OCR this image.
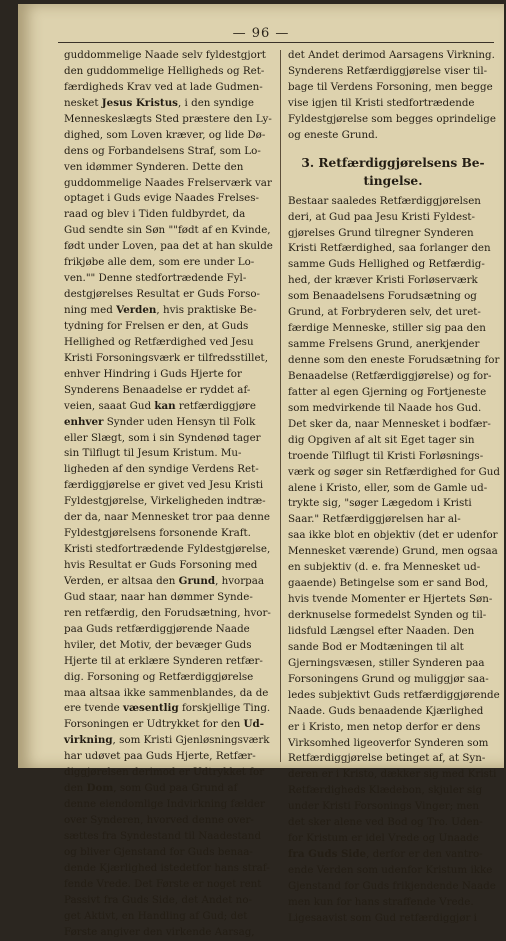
— 96 —
guddommelige Naade selv fyldestgjort
den guddommelige Helligheds og Ret-
færdigheds Krav ved at lade Gudmen-
nesket Jesus Kristus, i den syndige
Menneskeslægts Sted præstere den Ly-
dighed, som Loven kræver, og lide Dø-
dens og Forbandelsens Straf, som Lo-
ven idømmer Synderen. Dette den
guddommelige Naades Frelserværk var
optaget i Guds evige Naades Frelses-
raad og blev i Tiden fuldbyrdet, da
Gud sendte sin Søn ""født af en Kvinde,
født under Loven, paa det at han skulde
frikjøbe alle dem, som ere under Lo-
ven."" Denne stedfortrædende Fyl-
destgjørelses Resultat er Guds Forso-
ning med Verden, hvis praktiske Be-
tydning for Frelsen er den, at Guds
Hellighed og Retfærdighed ved Jesu
Kristi Forsoningsværk er tilfredsstillet,
enhver Hindring i Guds Hjerte for
Synderens Benaadelse er ryddet af-
veien, saaat Gud kan retfærdiggjøre
enhver Synder uden Hensyn til Folk
eller Slægt, som i sin Syndenød tager
sin Tilflugt til Jesum Kristum. Mu-
ligheden af den syndige Verdens Ret-
færdiggjørelse er givet ved Jesu Kristi
Fyldestgjørelse, Virkeligheden indtræ-
der da, naar Mennesket tror paa denne
Fyldestgjørelsens forsonende Kraft.
Kristi stedfortrædende Fyldestgjørelse,
hvis Resultat er Guds Forsoning med
Verden, er altsaa den Grund, hvorpaa
Gud staar, naar han dømmer Synde-
ren retfærdig, den Forudsætning, hvor-
paa Guds retfærdiggjørende Naade
hviler, det Motiv, der bevæger Guds
Hjerte til at erklære Synderen retfær-
dig. Forsoning og Retfærdiggjørelse
maa altsaa ikke sammenblandes, da de
ere tvende væsentlig forskjellige Ting.
Forsoningen er Udtrykket for den Ud-
virkning, som Kristi Gjenløsningsværk
har udøvet paa Guds Hjerte, Retfær-
diggjørelsen derimod er Udtrykket for
den Dom, som Gud paa Grund af
denne eiendomlige Indvirkning fælder
over Synderen, hvorved denne over-
sættes fra Syndestand til Naadestand
og bliver Gjenstand for Guds benaa-
dende Kjærlighed istedetfor hans straf-
fende Vrede. Det Første er noget rent
Passivt fra Guds Side, det Andet no-
get Aktivt, en Handling af Gud; det
Første angiver den virkende Aarsag,
det Andet derimod Aarsagens Virkning.
Synderens Retfærdiggjørelse viser til-
bage til Verdens Forsoning, men begge
vise igjen til Kristi stedfortrædende
Fyldestgjørelse som begges oprindelige
og eneste Grund.
3. Retfærdiggjørelsens Be-
tingelse.
Bestaar saaledes Retfærdiggjørelsen
deri, at Gud paa Jesu Kristi Fyldest-
gjørelses Grund tilregner Synderen
Kristi Retfærdighed, saa forlanger den
samme Guds Hellighed og Retfærdig-
hed, der kræver Kristi Forløserværk
som Benaadelsens Forudsætning og
Grund, at Forbryderen selv, det uret-
færdige Menneske, stiller sig paa den
samme Frelsens Grund, anerkjender
denne som den eneste Forudsætning for
Benaadelse (Retfærdiggjørelse) og for-
fatter al egen Gjerning og Fortjeneste
som medvirkende til Naade hos Gud.
Det sker da, naar Mennesket i bodfær-
dig Opgiven af alt sit Eget tager sin
troende Tilflugt til Kristi Forløsnings-
værk og søger sin Retfærdighed for Gud
alene i Kristo, eller, som de Gamle ud-
trykte sig, "søger Lægedom i Kristi
Saar." Retfærdiggjørelsen har al-
saa ikke blot en objektiv (det er udenfor
Mennesket værende) Grund, men ogsaa
en subjektiv (d. e. fra Mennesket ud-
gaaende) Betingelse som er sand Bod,
hvis tvende Momenter er Hjertets Søn-
derknuselse formedelst Synden og til-
lidsfuld Længsel efter Naaden. Den
sande Bod er Modtæningen til alt
Gjerningsvæsen, stiller Synderen paa
Forsoningens Grund og muliggjør saa-
ledes subjektivt Guds retfærdiggjørende
Naade. Guds benaadende Kjærlighed
er i Kristo, men netop derfor er dens
Virksomhed ligeoverfor Synderen som
Retfærdiggjørelse betinget af, at Syn-
deren er i Kristo, dækker sig med Kristi
Retfærdigheds Klædebon, skjuler sig
under Kristi Forsonings Vinger; men
det sker alene ved Bod og Tro. Uden-
for Kristum er idel Vrede og Unaade
fra Guds Side, derfor er den vantro-
ende Verden som udenfor Kristum ikke
Gjenstand for Guds frikjendende Naade
men kun for hans straffende Vrede.
Ligesaavist som Gud retfærdiggjør i
